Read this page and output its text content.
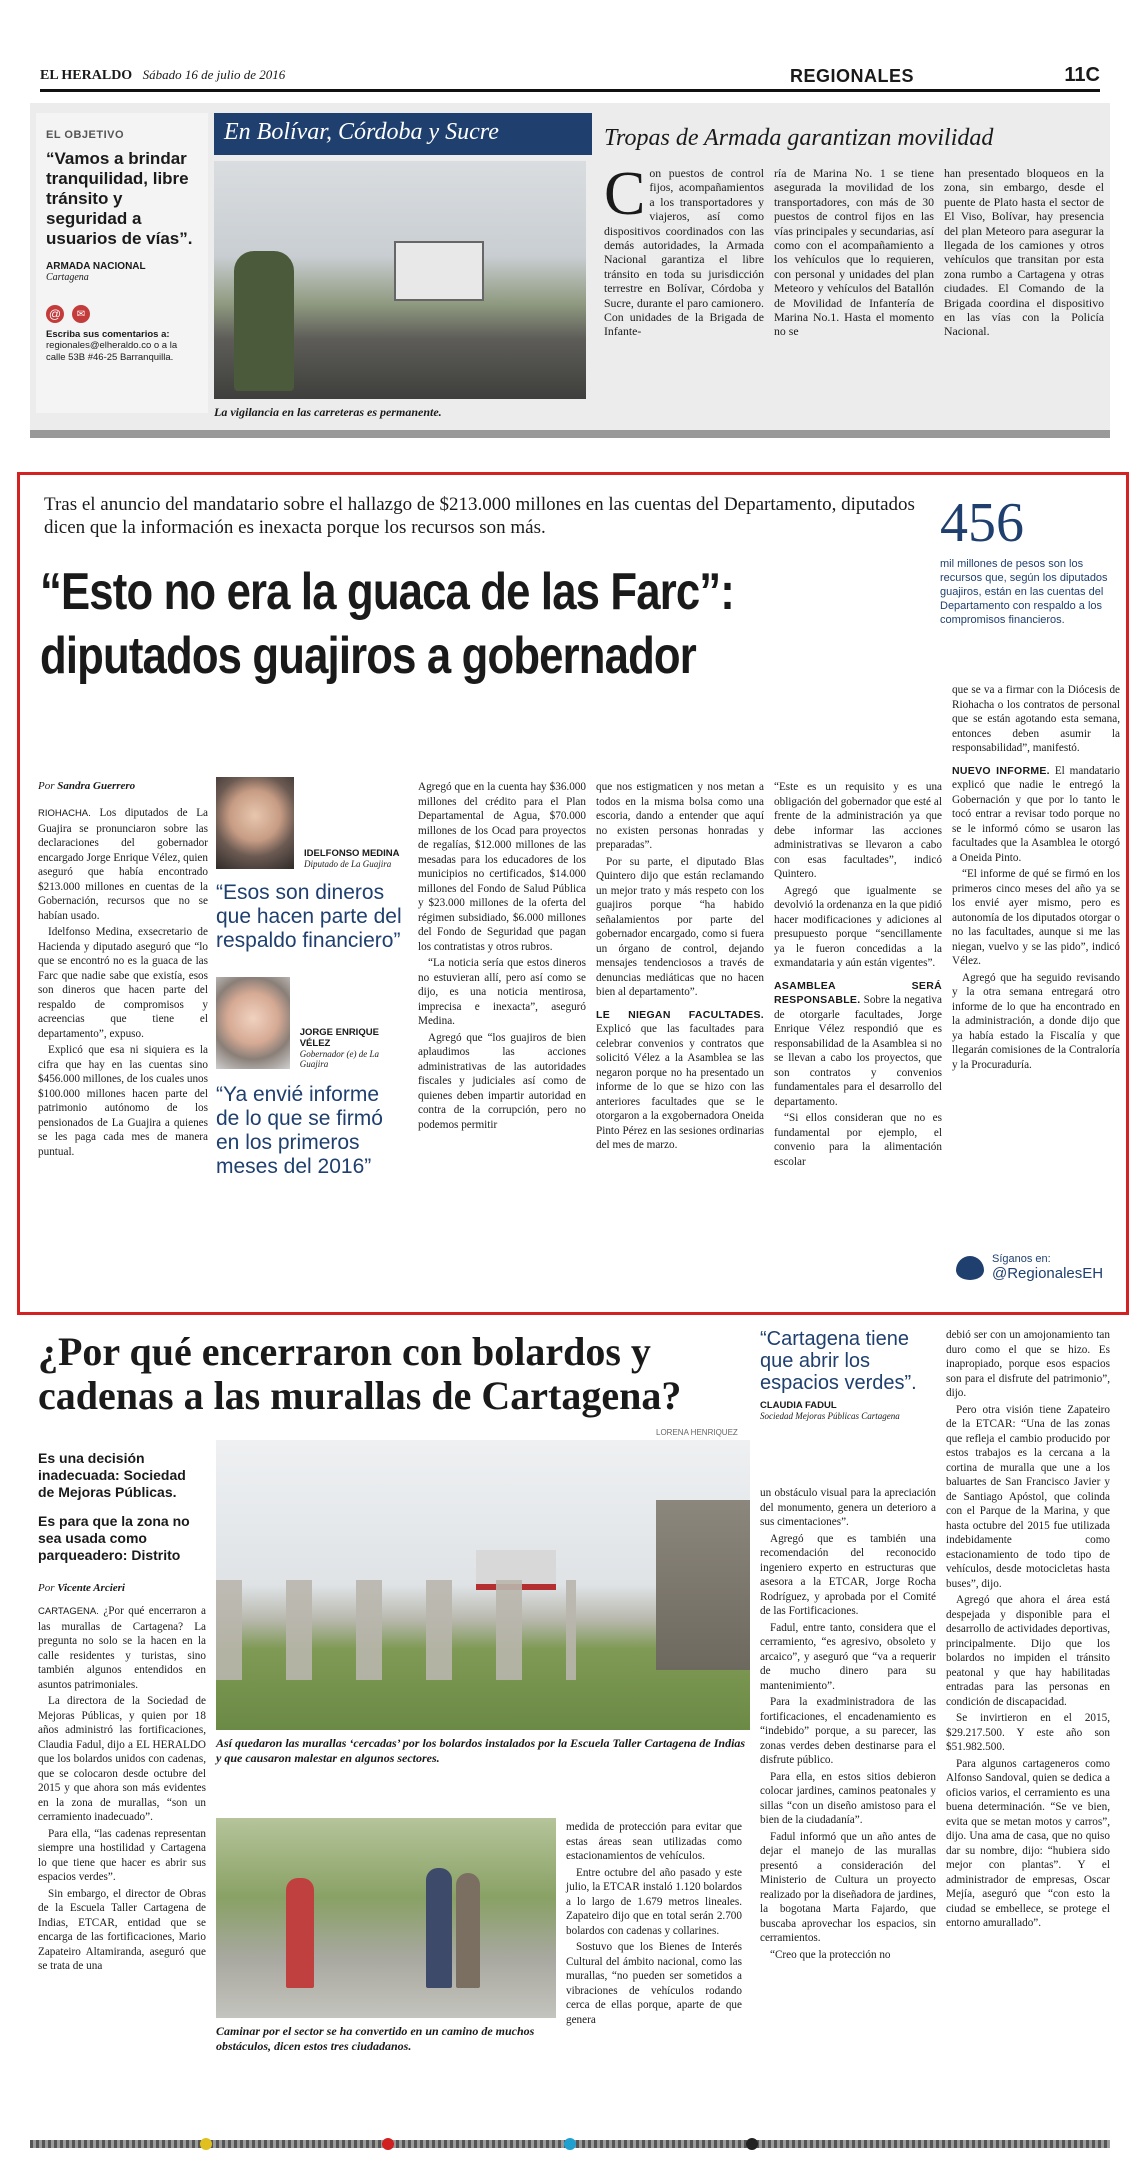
EL HERALDO Sábado 16 de julio de 2016	REGIONALES	11C
EL OBJETIVO
“Vamos a brindar tranquilidad, libre tránsito y seguridad a usuarios de vías”.
ARMADA NACIONAL
Cartagena
@	✉
Escriba sus comentarios a:
regionales@elheraldo.co o a la calle 53B #46-25 Barranquilla.
En Bolívar, Córdoba y Sucre
La vigilancia en las carreteras es permanente.
Tropas de Armada garantizan movilidad
C on puestos de control fijos, acompañamientos a los transportadores y viajeros, así como dispositivos coordinados con las demás autoridades, la Armada Nacional garantiza el libre tránsito en toda su jurisdicción terrestre en Bolívar, Córdoba y Sucre, durante el paro camionero. Con unidades de la Brigada de Infante-

ría de Marina No. 1 se tiene asegurada la movilidad de los transportadores, con más de 30 puestos de control fijos en las vías principales y secundarias, así como con el acompañamiento a los vehículos que lo requieren, con personal y unidades del plan Meteoro y vehículos del Batallón de Movilidad de Infantería de Marina No.1. Hasta el momento no se

han presentado bloqueos en la zona, sin embargo, desde el puente de Plato hasta el sector de El Viso, Bolívar, hay presencia del plan Meteoro para asegurar la llegada de los camiones y otros vehículos que transitan por esta zona rumbo a Cartagena y otras ciudades. El Comando de la Brigada coordina el dispositivo en las vías con la Policía Nacional.

Tras el anuncio del mandatario sobre el hallazgo de $213.000 millones en las cuentas del Departamento, diputados dicen que la información es inexacta porque los recursos son más.	456
mil millones de pesos son los recursos que, según los diputados guajiros, están en las cuentas del Departamento con respaldo a los compromisos financieros.
“Esto no era la guaca de las Farc”:
diputados guajiros a gobernador
Por Sandra Guerrero

RIOHACHA. Los diputados de La Guajira se pronunciaron sobre las declaraciones del gobernador encargado Jorge Enrique Vélez, quien aseguró que había encontrado $213.000 millones en cuentas de la Gobernación, recursos que no se habían usado.

Idelfonso Medina, exsecretario de Hacienda y diputado aseguró que “lo que se encontró no es la guaca de las Farc que nadie sabe que existía, esos son dineros que hacen parte del respaldo de compromisos y acreencias que tiene el departamento”, expuso.

Explicó que esa ni siquiera es la cifra que hay en las cuentas sino $456.000 millones, de los cuales unos $100.000 millones hacen parte del patrimonio autónomo de los pensionados de La Guajira a quienes se les paga cada mes de manera puntual.

IDELFONSO MEDINA
Diputado de La Guajira
“Esos son dineros que hacen parte del respaldo financiero”
JORGE ENRIQUE VÉLEZ
Gobernador (e) de La Guajira
“Ya envié informe de lo que se firmó en los primeros meses del 2016”

Agregó que en la cuenta hay $36.000 millones del crédito para el Plan Departamental de Agua, $70.000 millones de los Ocad para proyectos de regalías, $12.000 millones de las mesadas para los educadores de los municipios no certificados, $14.000 millones del Fondo de Salud Pública y $23.000 millones de la oferta del régimen subsidiado, $6.000 millones del Fondo de Seguridad que pagan los contratistas y otros rubros.

“La noticia sería que estos dineros no estuvieran allí, pero así como se dijo, es una noticia mentirosa, imprecisa e inexacta”, aseguró Medina.

Agregó que “los guajiros de bien aplaudimos las acciones administrativas de las autoridades fiscales y judiciales así como de quienes deben impartir autoridad en contra de la corrupción, pero no podemos permitir

que nos estigmaticen y nos metan a todos en la misma bolsa como una escoria, dando a entender que aquí no existen personas honradas y preparadas”.

Por su parte, el diputado Blas Quintero dijo que están reclamando un mejor trato y más respeto con los guajiros porque “ha habido señalamientos por parte del gobernador encargado, como si fuera un órgano de control, dejando mensajes tendenciosos a través de denuncias mediáticas que no hacen bien al departamento”.

LE NIEGAN FACULTADES. Explicó que las facultades para celebrar convenios y contratos que solicitó Vélez a la Asamblea se las negaron porque no ha presentado un informe de lo que se hizo con las anteriores facultades que se le otorgaron a la exgobernadora Oneida Pinto Pérez en las sesiones ordinarias del mes de marzo.

“Este es un requisito y es una obligación del gobernador que esté al frente de la administración ya que debe informar las acciones administrativas se llevaron a cabo con esas facultades”, indicó Quintero.

Agregó que igualmente se devolvió la ordenanza en la que pidió hacer modificaciones y adiciones al presupuesto porque “sencillamente ya le fueron concedidas a la exmandataria y aún están vigentes”.

ASAMBLEA SERÁ RESPONSABLE. Sobre la negativa de otorgarle facultades, Jorge Enrique Vélez respondió que es responsabilidad de la Asamblea si no se llevan a cabo los proyectos, que son contratos y convenios fundamentales para el desarrollo del departamento.

“Si ellos consideran que no es fundamental por ejemplo, el convenio para la alimentación escolar

que se va a firmar con la Diócesis de Riohacha o los contratos de personal que se están agotando esta semana, entonces deben asumir la responsabilidad”, manifestó.

NUEVO INFORME. El mandatario explicó que nadie le entregó la Gobernación y que por lo tanto le tocó entrar a revisar todo porque no se le informó cómo se usaron las facultades que la Asamblea le otorgó a Oneida Pinto.

“El informe de qué se firmó en los primeros cinco meses del año ya se los envié ayer mismo, pero es autonomía de los diputados otorgar o no las facultades, aunque si me las niegan, vuelvo y se las pido”, indicó Vélez.

Agregó que ha seguido revisando y la otra semana entregará otro informe de lo que ha encontrado en la administración, a donde dijo que ya había estado la Fiscalía y que llegarán comisiones de la Contraloría y la Procuraduría.

Síganos en:
@RegionalesEH
¿Por qué encerraron con bolardos y cadenas a las murallas de Cartagena?
LORENA HENRIQUEZ
“Cartagena tiene que abrir los espacios verdes”.
CLAUDIA FADUL
Sociedad Mejoras Públicas Cartagena
Es una decisión inadecuada: Sociedad de Mejoras Públicas.
Es para que la zona no sea usada como parqueadero: Distrito
Por Vicente Arcieri

CARTAGENA. ¿Por qué encerraron a las murallas de Cartagena? La pregunta no solo se la hacen en la calle residentes y turistas, sino también algunos entendidos en asuntos patrimoniales.

La directora de la Sociedad de Mejoras Públicas, y quien por 18 años administró las fortificaciones, Claudia Fadul, dijo a EL HERALDO que los bolardos unidos con cadenas, que se colocaron desde octubre del 2015 y que ahora son más evidentes en la zona de murallas, “son un cerramiento inadecuado”.

Para ella, “las cadenas representan siempre una hostilidad y Cartagena lo que tiene que hacer es abrir sus espacios verdes”.

Sin embargo, el director de Obras de la Escuela Taller Cartagena de Indias, ETCAR, entidad que se encarga de las fortificaciones, Mario Zapateiro Altamiranda, aseguró que se trata de una

Así quedaron las murallas ‘cercadas’ por los bolardos instalados por la Escuela Taller Cartagena de Indias y que causaron malestar en algunos sectores.
Caminar por el sector se ha convertido en un camino de muchos obstáculos, dicen estos tres ciudadanos.

medida de protección para evitar que estas áreas sean utilizadas como estacionamientos de vehículos.

Entre octubre del año pasado y este julio, la ETCAR instaló 1.120 bolardos a lo largo de 1.679 metros lineales. Zapateiro dijo que en total serán 2.700 bolardos con cadenas y collarines.

Sostuvo que los Bienes de Interés Cultural del ámbito nacional, como las murallas, “no pueden ser sometidos a vibraciones de vehículos rodando cerca de ellas porque, aparte de que genera

un obstáculo visual para la apreciación del monumento, genera un deterioro a sus cimentaciones”.

Agregó que es también una recomendación del reconocido ingeniero experto en estructuras que asesora a la ETCAR, Jorge Rocha Rodríguez, y aprobada por el Comité de las Fortificaciones.

Fadul, entre tanto, considera que el cerramiento, “es agresivo, obsoleto y arcaico”, y aseguró que “va a requerir de mucho dinero para su mantenimiento”.

Para la exadministradora de las fortificaciones, el encadenamiento es “indebido” porque, a su parecer, las zonas verdes deben destinarse para el disfrute público.

Para ella, en estos sitios debieron colocar jardines, caminos peatonales y sillas “con un diseño amistoso para el bien de la ciudadanía”.

Fadul informó que un año antes de dejar el manejo de las murallas presentó a consideración del Ministerio de Cultura un proyecto realizado por la diseñadora de jardines, la bogotana Marta Fajardo, que buscaba aprovechar los espacios, sin cerramientos.

“Creo que la protección no

debió ser con un amojonamiento tan duro como el que se hizo. Es inapropiado, porque esos espacios son para el disfrute del patrimonio”, dijo.

Pero otra visión tiene Zapateiro de la ETCAR: “Una de las zonas que refleja el cambio producido por estos trabajos es la cercana a la cortina de muralla que une a los baluartes de San Francisco Javier y de Santiago Apóstol, que colinda con el Parque de la Marina, y que hasta octubre del 2015 fue utilizada indebidamente como estacionamiento de todo tipo de vehículos, desde motocicletas hasta buses”, dijo.

Agregó que ahora el área está despejada y disponible para el desarrollo de actividades deportivas, principalmente. Dijo que los bolardos no impiden el tránsito peatonal y que hay habilitadas entradas para las personas en condición de discapacidad.

Se invirtieron en el 2015, $29.217.500. Y este año son $51.982.500.

Para algunos cartageneros como Alfonso Sandoval, quien se dedica a oficios varios, el cerramiento es una buena determinación. “Se ve bien, evita que se metan motos y carros”, dijo. Una ama de casa, que no quiso dar su nombre, dijo: “hubiera sido mejor con plantas”. Y el administrador de empresas, Oscar Mejía, aseguró que “con esto la ciudad se embellece, se protege el entorno amurallado”.
